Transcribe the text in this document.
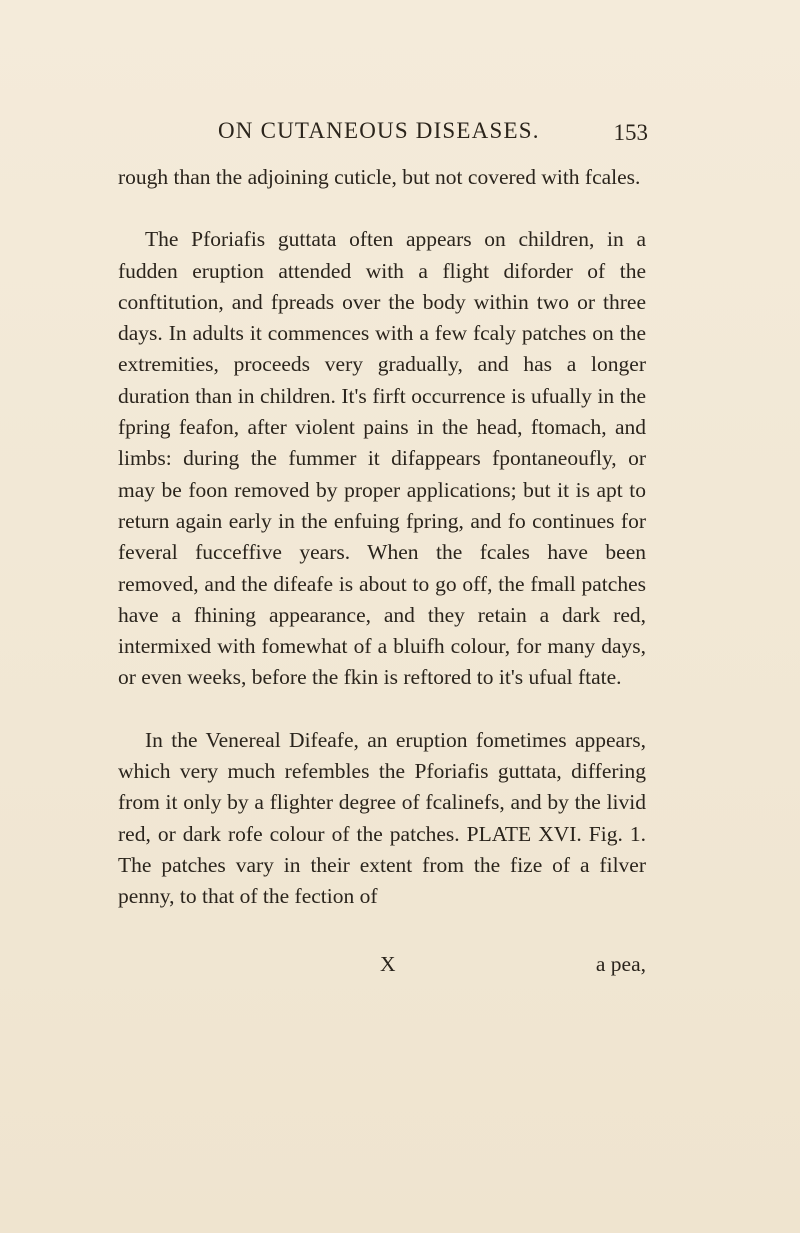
ON CUTANEOUS DISEASES.	153

rough than the adjoining cuticle, but not covered with fcales.

The Pforiafis guttata often appears on children, in a fudden eruption attended with a flight diforder of the conftitution, and fpreads over the body within two or three days. In adults it commences with a few fcaly patches on the extremities, proceeds very gradually, and has a longer duration than in children. It's firft occurrence is ufually in the fpring feafon, after violent pains in the head, ftomach, and limbs: during the fummer it difappears fpontaneoufly, or may be foon removed by proper applications; but it is apt to return again early in the enfuing fpring, and fo continues for feveral fucceffive years. When the fcales have been removed, and the difeafe is about to go off, the fmall patches have a fhining appearance, and they retain a dark red, intermixed with fomewhat of a bluifh colour, for many days, or even weeks, before the fkin is reftored to it's ufual ftate.

In the Venereal Difeafe, an eruption fometimes appears, which very much refembles the Pforiafis guttata, differing from it only by a flighter degree of fcalinefs, and by the livid red, or dark rofe colour of the patches. PLATE XVI. Fig. 1. The patches vary in their extent from the fize of a filver penny, to that of the fection of

X	a pea,
